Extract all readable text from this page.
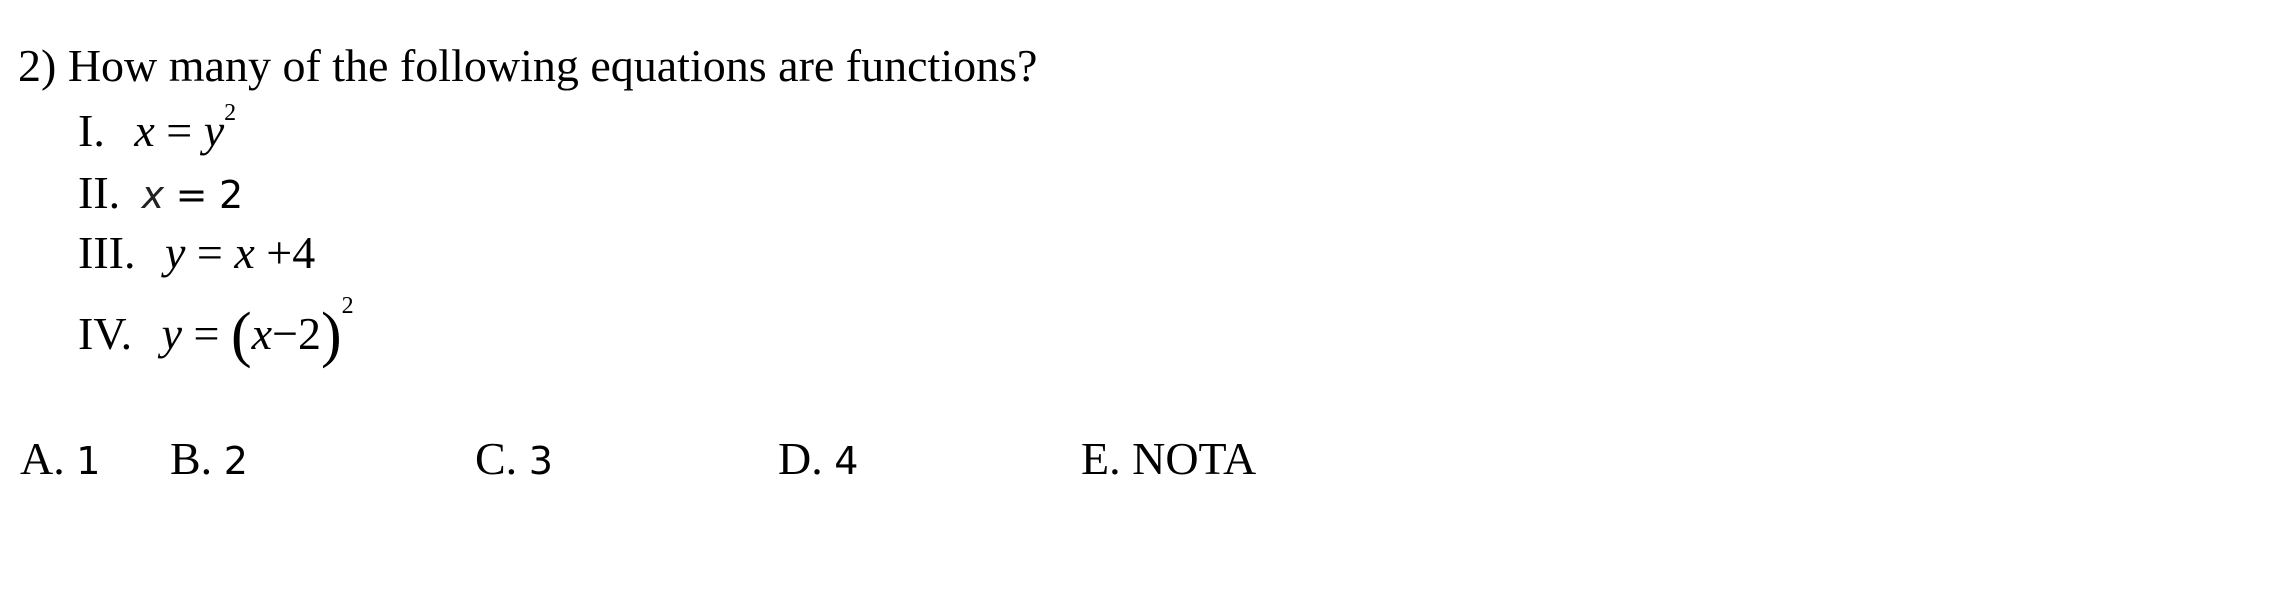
2) How many of the following equations are functions?
I. $x = y^2$
II. x = 2
III. y = x +4
IV. $y = (x-2)^2$
A. 1 B. 2	C. 3	D. 4	E. NOTA
